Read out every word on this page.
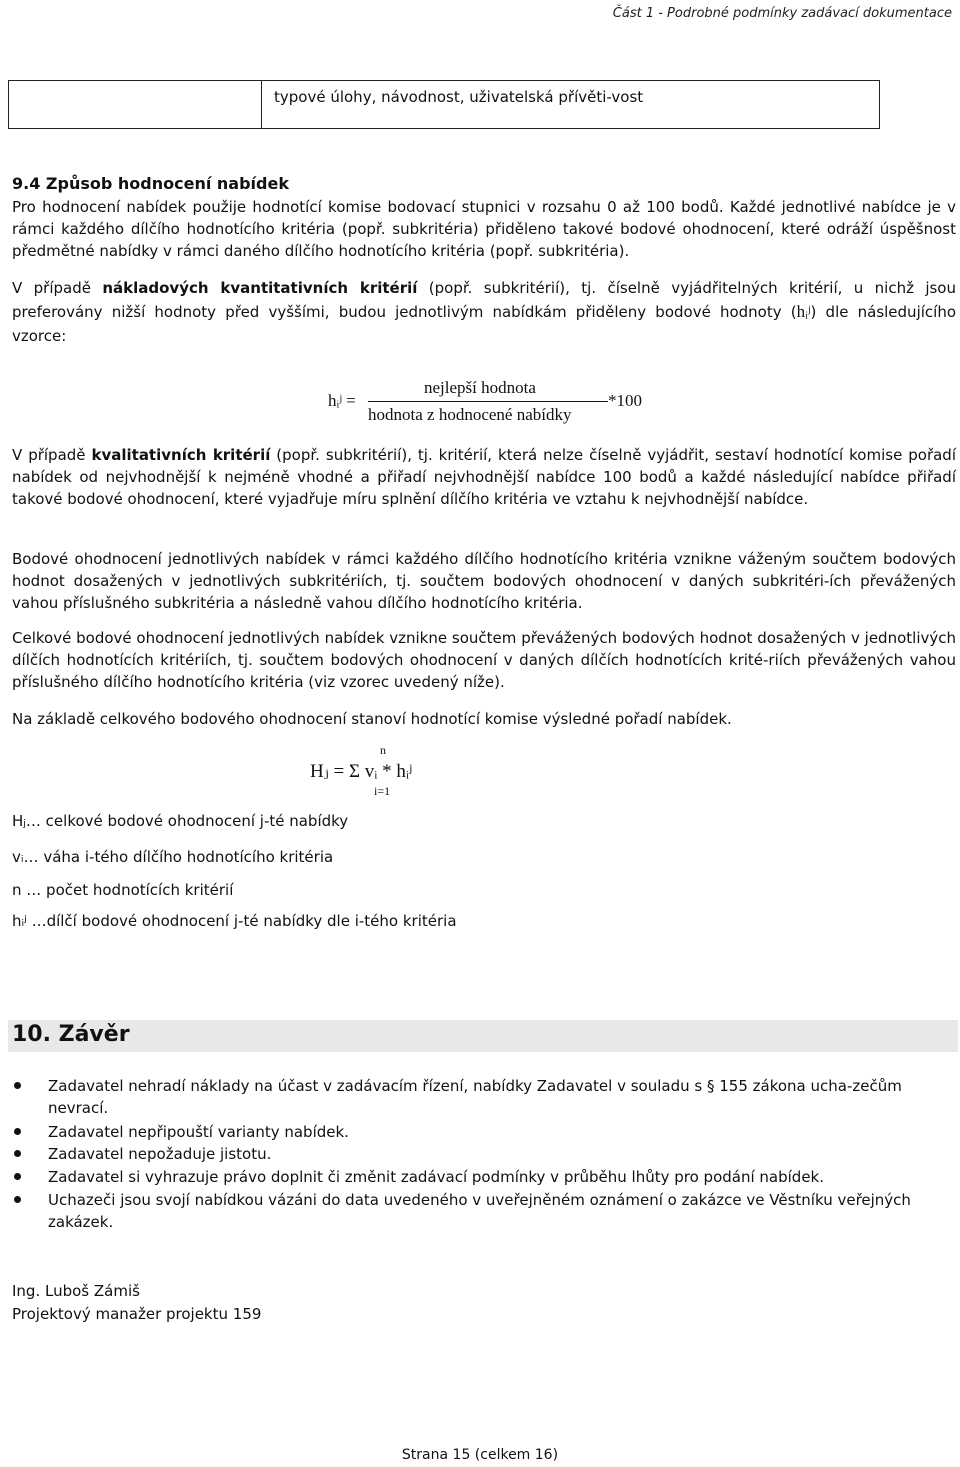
Část 1 - Podrobné podmínky zadávací dokumentace
typové úlohy, návodnost, uživatelská přívěti-vost
9.4 Způsob hodnocení nabídek
Pro hodnocení nabídek použije hodnotící komise bodovací stupnici v rozsahu 0 až 100 bodů. Každé jednotlivé nabídce je v rámci každého dílčího hodnotícího kritéria (popř. subkritéria) přiděleno takové bodové ohodnocení, které odráží úspěšnost předmětné nabídky v rámci daného dílčího hodnotícího kritéria (popř. subkritéria).
V případě nákladových kvantitativních kritérií (popř. subkritérií), tj. číselně vyjádřitelných kritérií, u nichž jsou preferovány nižší hodnoty před vyššími, budou jednotlivým nabídkám přiděleny bodové hodnoty (hᵢʲ) dle následujícího vzorce:
hᵢʲ =
nejlepší hodnota
hodnota z hodnocené nabídky
*100
V případě kvalitativních kritérií (popř. subkritérií), tj. kritérií, která nelze číselně vyjádřit, sestaví hodnotící komise pořadí nabídek od nejvhodnější k nejméně vhodné a přiřadí nejvhodnější nabídce 100 bodů a každé následující nabídce přiřadí takové bodové ohodnocení, které vyjadřuje míru splnění dílčího kritéria ve vztahu k nejvhodnější nabídce.
Bodové ohodnocení jednotlivých nabídek v rámci každého dílčího hodnotícího kritéria vznikne váženým součtem bodových hodnot dosažených v jednotlivých subkritériích, tj. součtem bodových ohodnocení v daných subkritéri-ích převážených vahou příslušného subkritéria a následně vahou dílčího hodnotícího kritéria.
Celkové bodové ohodnocení jednotlivých nabídek vznikne součtem převážených bodových hodnot dosažených v jednotlivých dílčích hodnotících kritériích, tj. součtem bodových ohodnocení v daných dílčích hodnotících krité-riích převážených vahou příslušného dílčího hodnotícího kritéria (viz vzorec uvedený níže).
Na základě celkového bodového ohodnocení stanoví hodnotící komise výsledné pořadí nabídek.
n
Hⱼ = Σ vᵢ * hᵢʲ
i=1
Hⱼ… celkové bodové ohodnocení j-té nabídky
vᵢ… váha i-tého dílčího hodnotícího kritéria
n … počet hodnotících kritérií
hᵢʲ …dílčí bodové ohodnocení j-té nabídky dle i-tého kritéria
10. Závěr
Zadavatel nehradí náklady na účast v zadávacím řízení, nabídky Zadavatel v souladu s § 155 zákona ucha-zečům nevrací.
Zadavatel nepřipouští varianty nabídek.
Zadavatel nepožaduje jistotu.
Zadavatel si vyhrazuje právo doplnit či změnit zadávací podmínky v průběhu lhůty pro podání nabídek.
Uchazeči jsou svojí nabídkou vázáni do data uvedeného v uveřejněném oznámení o zakázce ve Věstníku veřejných zakázek.
Ing. Luboš Zámiš
Projektový manažer projektu 159
Strana 15 (celkem 16)
